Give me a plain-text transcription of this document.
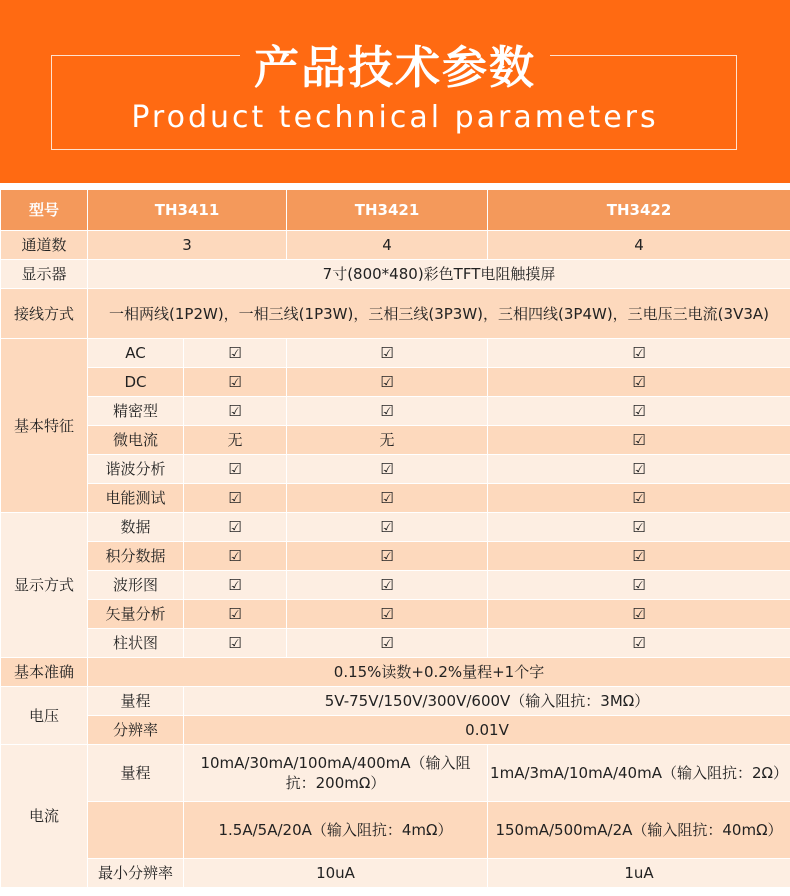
产品技术参数
Product technical parameters
型号	TH3411		TH3421	TH3422
通道数	3		4	4
显示器	7寸(800*480)彩色TFT电阻触摸屏			
接线方式	一相两线(1P2W)，一相三线(1P3W)，三相三线(3P3W)，三相四线(3P4W)，三电压三电流(3V3A)			
基本特征	AC	☑	☑	☑
	DC	☑	☑	☑
	精密型	☑	☑	☑
	微电流	无	无	☑
	谐波分析	☑	☑	☑
	电能测试	☑	☑	☑
显示方式	数据	☑	☑	☑
	积分数据	☑	☑	☑
	波形图	☑	☑	☑
	矢量分析	☑	☑	☑
	柱状图	☑	☑	☑
基本准确	0.15%读数+0.2%量程+1个字			
电压	量程	5V-75V/150V/300V/600V（输入阻抗：3MΩ）		
	分辨率	0.01V		
电流	量程	10mA/30mA/100mA/400mA（输入阻抗：200mΩ）		1mA/3mA/10mA/40mA（输入阻抗：2Ω）
		1.5A/5A/20A（输入阻抗：4mΩ）		150mA/500mA/2A（输入阻抗：40mΩ）
	最小分辨率	10uA		1uA
